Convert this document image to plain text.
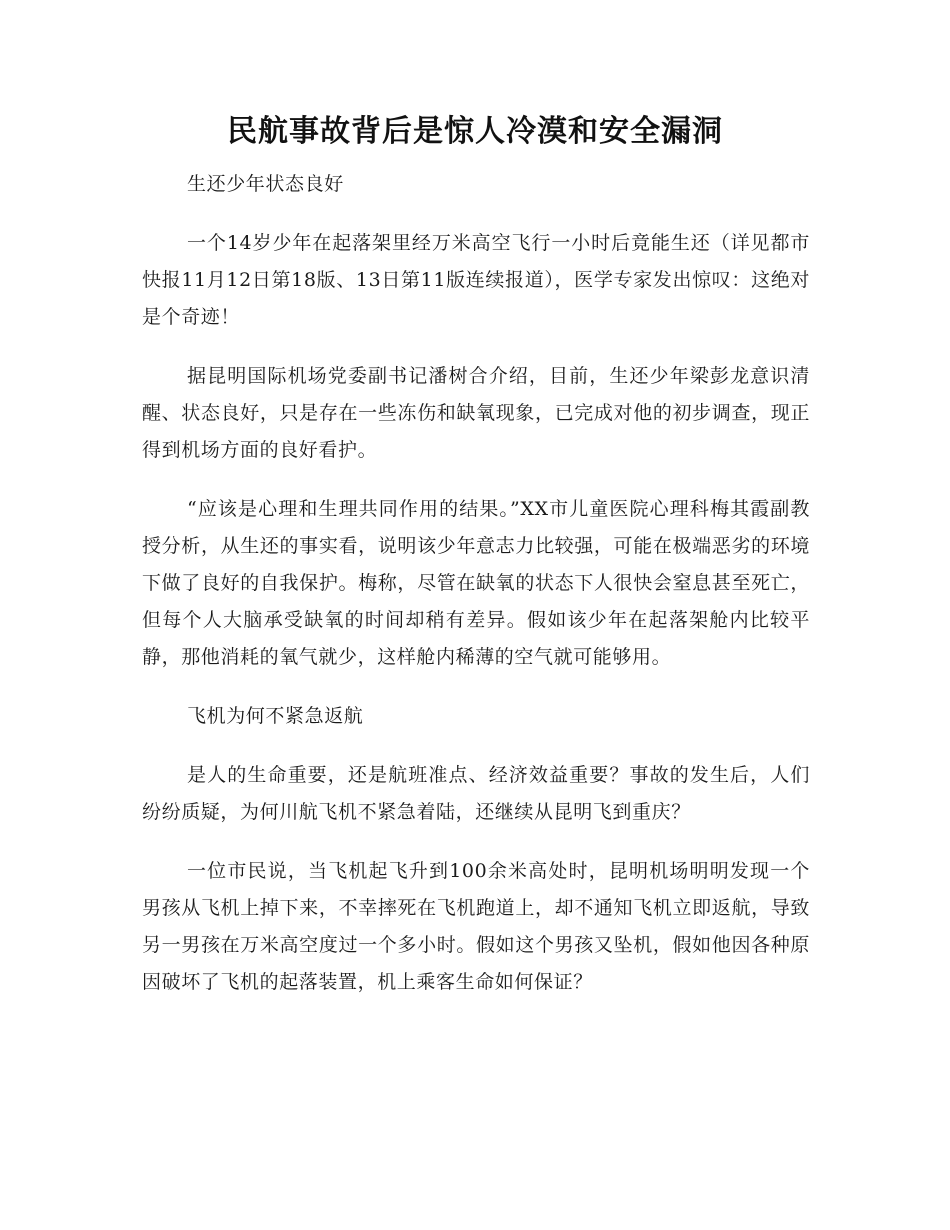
民航事故背后是惊人冷漠和安全漏洞

生还少年状态良好

一个14岁少年在起落架里经万米高空飞行一小时后竟能生还（详见都市快报11月12日第18版、13日第11版连续报道），医学专家发出惊叹：这绝对是个奇迹！

据昆明国际机场党委副书记潘树合介绍，目前，生还少年梁彭龙意识清醒、状态良好，只是存在一些冻伤和缺氧现象，已完成对他的初步调查，现正得到机场方面的良好看护。

“应该是心理和生理共同作用的结果。”XX市儿童医院心理科梅其霞副教授分析，从生还的事实看，说明该少年意志力比较强，可能在极端恶劣的环境下做了良好的自我保护。梅称，尽管在缺氧的状态下人很快会窒息甚至死亡，但每个人大脑承受缺氧的时间却稍有差异。假如该少年在起落架舱内比较平静，那他消耗的氧气就少，这样舱内稀薄的空气就可能够用。

飞机为何不紧急返航

是人的生命重要，还是航班准点、经济效益重要？事故的发生后，人们纷纷质疑，为何川航飞机不紧急着陆，还继续从昆明飞到重庆？

一位市民说，当飞机起飞升到100余米高处时，昆明机场明明发现一个男孩从飞机上掉下来，不幸摔死在飞机跑道上，却不通知飞机立即返航，导致另一男孩在万米高空度过一个多小时。假如这个男孩又坠机，假如他因各种原因破坏了飞机的起落装置，机上乘客生命如何保证？
